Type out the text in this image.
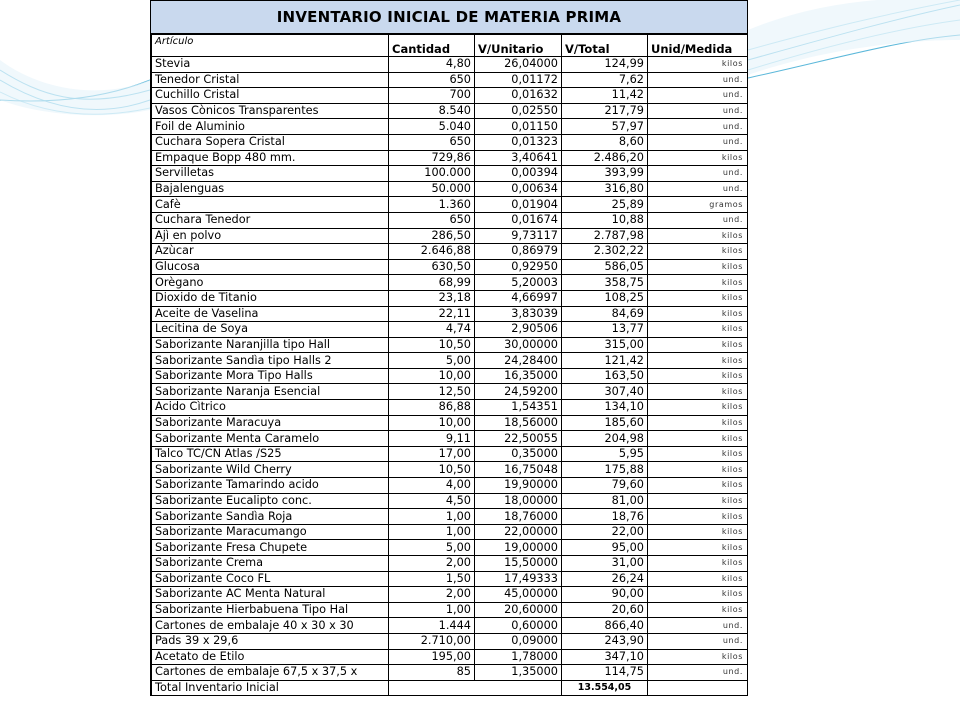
INVENTARIO INICIAL DE MATERIA PRIMA
Artículo	Cantidad	V/Unitario	V/Total	Unid/Medida
Stevia	4,80	26,04000	124,99	kilos
Tenedor Cristal	650	0,01172	7,62	und.
Cuchillo Cristal	700	0,01632	11,42	und.
Vasos Cònicos Transparentes	8.540	0,02550	217,79	und.
Foil de Aluminio	5.040	0,01150	57,97	und.
Cuchara Sopera Cristal	650	0,01323	8,60	und.
Empaque Bopp 480 mm.	729,86	3,40641	2.486,20	kilos
Servilletas	100.000	0,00394	393,99	und.
Bajalenguas	50.000	0,00634	316,80	und.
Cafè	1.360	0,01904	25,89	gramos
Cuchara Tenedor	650	0,01674	10,88	und.
Ajì en polvo	286,50	9,73117	2.787,98	kilos
Azùcar	2.646,88	0,86979	2.302,22	kilos
Glucosa	630,50	0,92950	586,05	kilos
Orègano	68,99	5,20003	358,75	kilos
Dioxido de Titanio	23,18	4,66997	108,25	kilos
Aceite de Vaselina	22,11	3,83039	84,69	kilos
Lecitina de Soya	4,74	2,90506	13,77	kilos
Saborizante Naranjilla tipo Hall	10,50	30,00000	315,00	kilos
Saborizante Sandìa tipo Halls 2	5,00	24,28400	121,42	kilos
Saborizante Mora Tipo Halls	10,00	16,35000	163,50	kilos
Saborizante Naranja Esencial	12,50	24,59200	307,40	kilos
Acido Cìtrico	86,88	1,54351	134,10	kilos
Saborizante Maracuya	10,00	18,56000	185,60	kilos
Saborizante Menta Caramelo	9,11	22,50055	204,98	kilos
Talco TC/CN Atlas /S25	17,00	0,35000	5,95	kilos
Saborizante Wild Cherry	10,50	16,75048	175,88	kilos
Saborizante Tamarindo acido	4,00	19,90000	79,60	kilos
Saborizante Eucalipto conc.	4,50	18,00000	81,00	kilos
Saborizante Sandìa Roja	1,00	18,76000	18,76	kilos
Saborizante Maracumango	1,00	22,00000	22,00	kilos
Saborizante Fresa Chupete	5,00	19,00000	95,00	kilos
Saborizante Crema	2,00	15,50000	31,00	kilos
Saborizante Coco FL	1,50	17,49333	26,24	kilos
Saborizante AC Menta Natural	2,00	45,00000	90,00	kilos
Saborizante Hierbabuena Tipo Hal	1,00	20,60000	20,60	kilos
Cartones de embalaje 40 x 30 x 30	1.444	0,60000	866,40	und.
Pads 39 x 29,6	2.710,00	0,09000	243,90	und.
Acetato de Etilo	195,00	1,78000	347,10	kilos
Cartones de embalaje 67,5 x 37,5 x	85	1,35000	114,75	und.
Total Inventario Inicial			13.554,05	
